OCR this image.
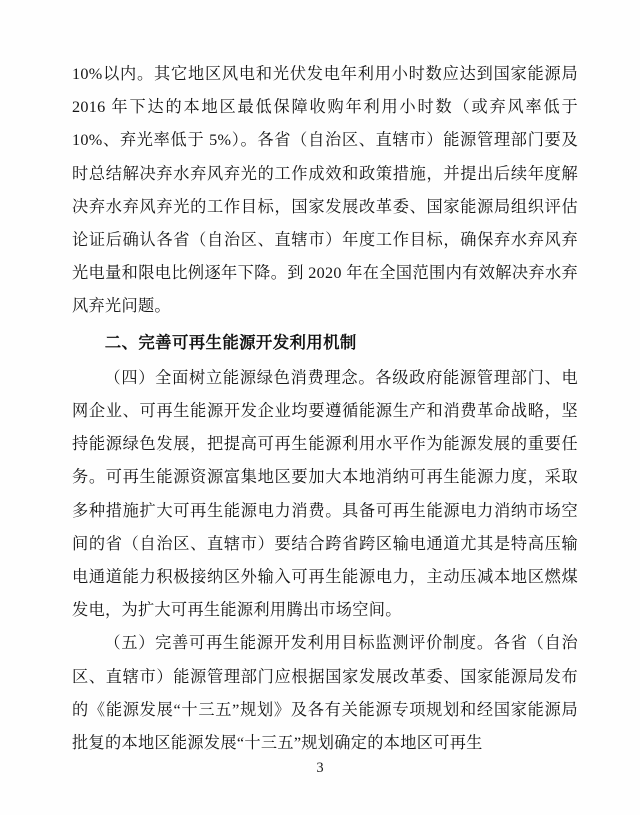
10%以内。其它地区风电和光伏发电年利用小时数应达到国家能源局 2016 年下达的本地区最低保障收购年利用小时数（或弃风率低于 10%、弃光率低于 5%）。各省（自治区、直辖市）能源管理部门要及时总结解决弃水弃风弃光的工作成效和政策措施，并提出后续年度解决弃水弃风弃光的工作目标，国家发展改革委、国家能源局组织评估论证后确认各省（自治区、直辖市）年度工作目标，确保弃水弃风弃光电量和限电比例逐年下降。到 2020 年在全国范围内有效解决弃水弃风弃光问题。

二、完善可再生能源开发利用机制

（四）全面树立能源绿色消费理念。各级政府能源管理部门、电网企业、可再生能源开发企业均要遵循能源生产和消费革命战略，坚持能源绿色发展，把提高可再生能源利用水平作为能源发展的重要任务。可再生能源资源富集地区要加大本地消纳可再生能源力度，采取多种措施扩大可再生能源电力消费。具备可再生能源电力消纳市场空间的省（自治区、直辖市）要结合跨省跨区输电通道尤其是特高压输电通道能力积极接纳区外输入可再生能源电力，主动压减本地区燃煤发电，为扩大可再生能源利用腾出市场空间。

（五）完善可再生能源开发利用目标监测评价制度。各省（自治区、直辖市）能源管理部门应根据国家发展改革委、国家能源局发布的《能源发展“十三五”规划》及各有关能源专项规划和经国家能源局批复的本地区能源发展“十三五”规划确定的本地区可再生

3
